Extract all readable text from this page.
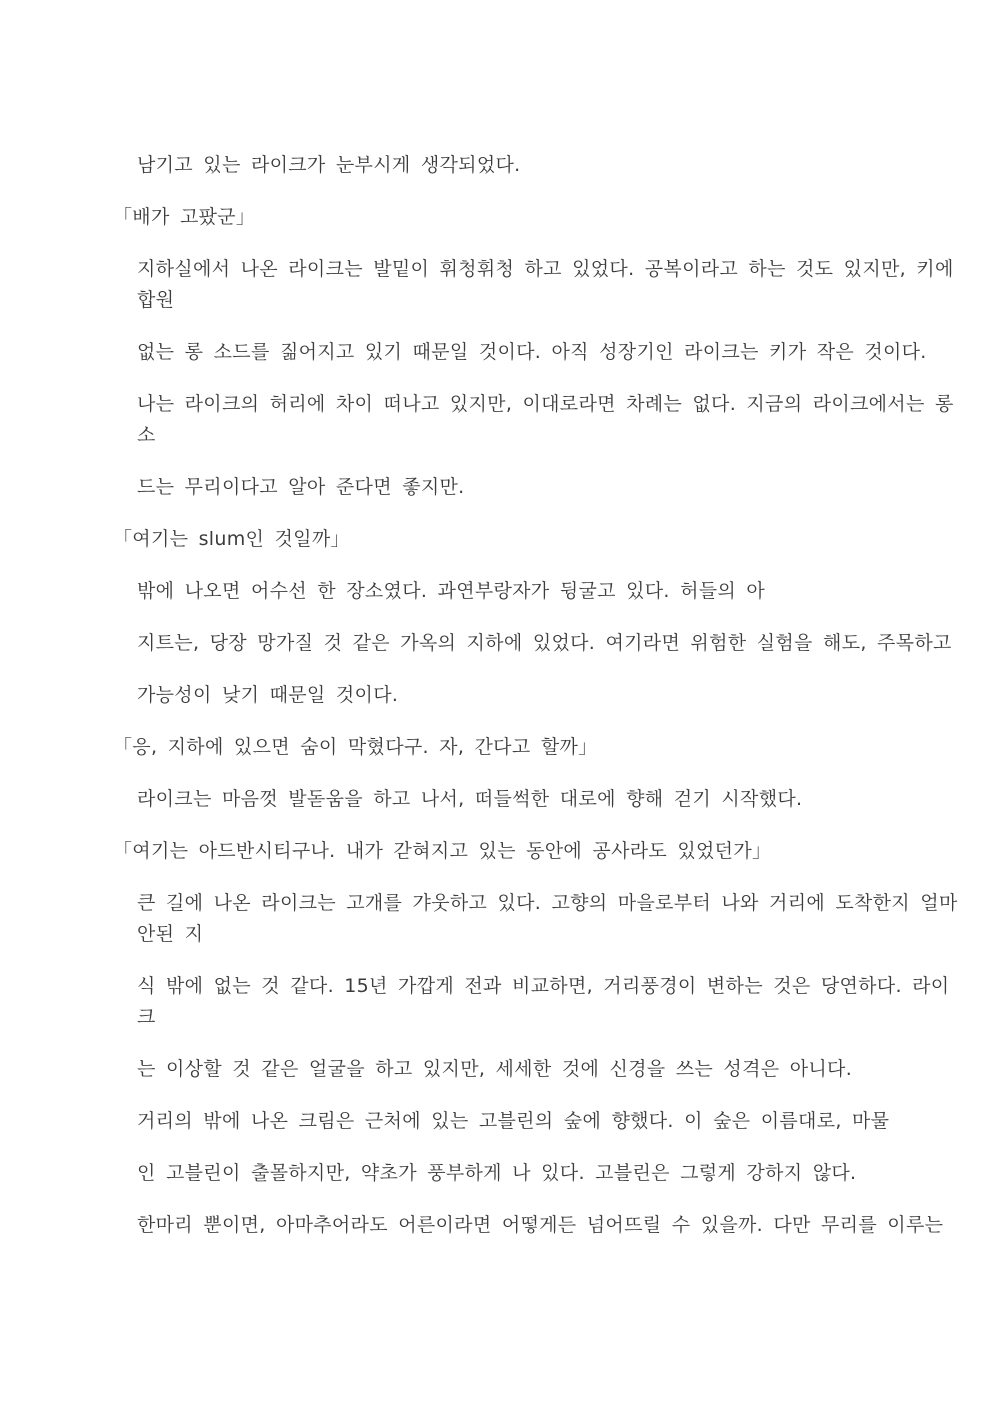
남기고 있는 라이크가 눈부시게 생각되었다.
「배가 고팠군」
지하실에서 나온 라이크는 발밑이 휘청휘청 하고 있었다. 공복이라고 하는 것도 있지만, 키에
합원
없는 롱 소드를 짊어지고 있기 때문일 것이다. 아직 성장기인 라이크는 키가 작은 것이다.
나는 라이크의 허리에 차이 떠나고 있지만, 이대로라면 차례는 없다. 지금의 라이크에서는 롱
소
드는 무리이다고 알아 준다면 좋지만.
「여기는 slum인 것일까」
밖에 나오면 어수선 한 장소였다. 과연부랑자가 뒹굴고 있다. 허들의 아
지트는, 당장 망가질 것 같은 가옥의 지하에 있었다. 여기라면 위험한 실험을 해도, 주목하고
가능성이 낮기 때문일 것이다.
「응, 지하에 있으면 숨이 막혔다구. 자, 간다고 할까」
라이크는 마음껏 발돋움을 하고 나서, 떠들썩한 대로에 향해 걷기 시작했다.
「여기는 아드반시티구나. 내가 갇혀지고 있는 동안에 공사라도 있었던가」
큰 길에 나온 라이크는 고개를 갸웃하고 있다. 고향의 마을로부터 나와 거리에 도착한지 얼마
안된 지
식 밖에 없는 것 같다. 15년 가깝게 전과 비교하면, 거리풍경이 변하는 것은 당연하다. 라이
크
는 이상할 것 같은 얼굴을 하고 있지만, 세세한 것에 신경을 쓰는 성격은 아니다.
거리의 밖에 나온 크림은 근처에 있는 고블린의 숲에 향했다. 이 숲은 이름대로, 마물
인 고블린이 출몰하지만, 약초가 풍부하게 나 있다. 고블린은 그렇게 강하지 않다.
한마리 뿐이면, 아마추어라도 어른이라면 어떻게든 넘어뜨릴 수 있을까. 다만 무리를 이루는
